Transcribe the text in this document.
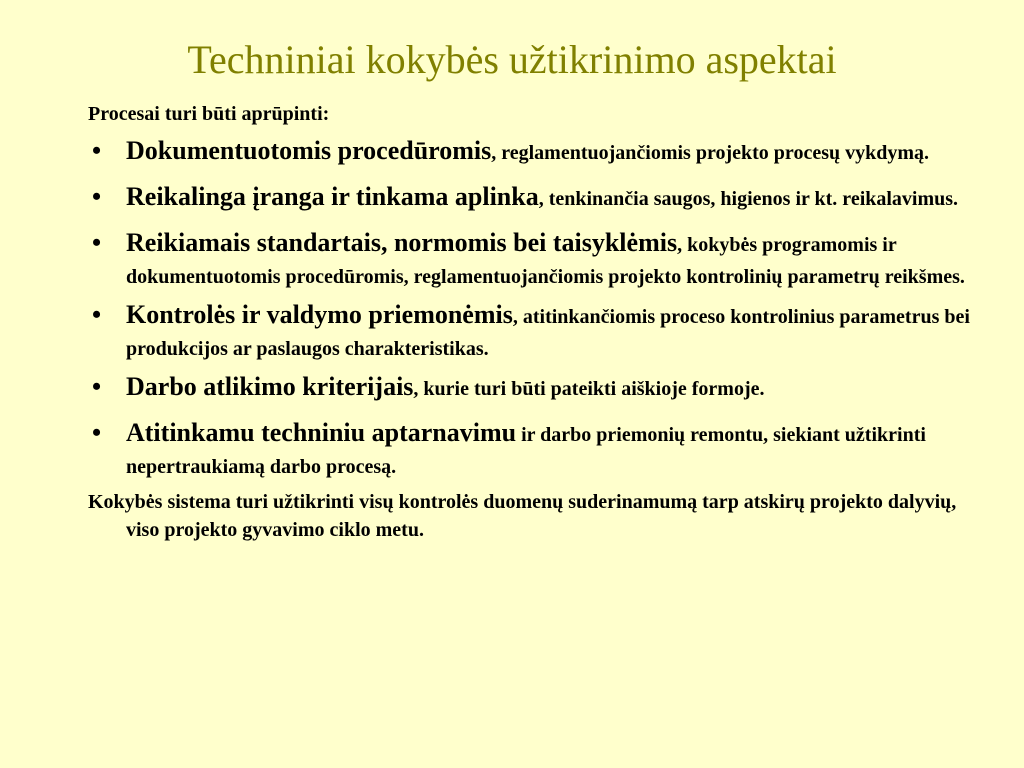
Techniniai kokybės užtikrinimo aspektai

Procesai turi būti aprūpinti:

• Dokumentuotomis procedūromis, reglamentuojančiomis projekto procesų vykdymą.
• Reikalinga įranga ir tinkama aplinka, tenkinančia saugos, higienos ir kt. reikalavimus.
• Reikiamais standartais, normomis bei taisyklėmis, kokybės programomis ir dokumentuotomis procedūromis, reglamentuojančiomis projekto kontrolinių parametrų reikšmes.
• Kontrolės ir valdymo priemonėmis, atitinkančiomis proceso kontrolinius parametrus bei produkcijos ar paslaugos charakteristikas.
• Darbo atlikimo kriterijais, kurie turi būti pateikti aiškioje formoje.
• Atitinkamu techniniu aptarnavimu ir darbo priemonių remontu, siekiant užtikrinti nepertraukiamą darbo procesą.

Kokybės sistema turi užtikrinti visų kontrolės duomenų suderinamumą tarp atskirų projekto dalyvių, viso projekto gyvavimo ciklo metu.
